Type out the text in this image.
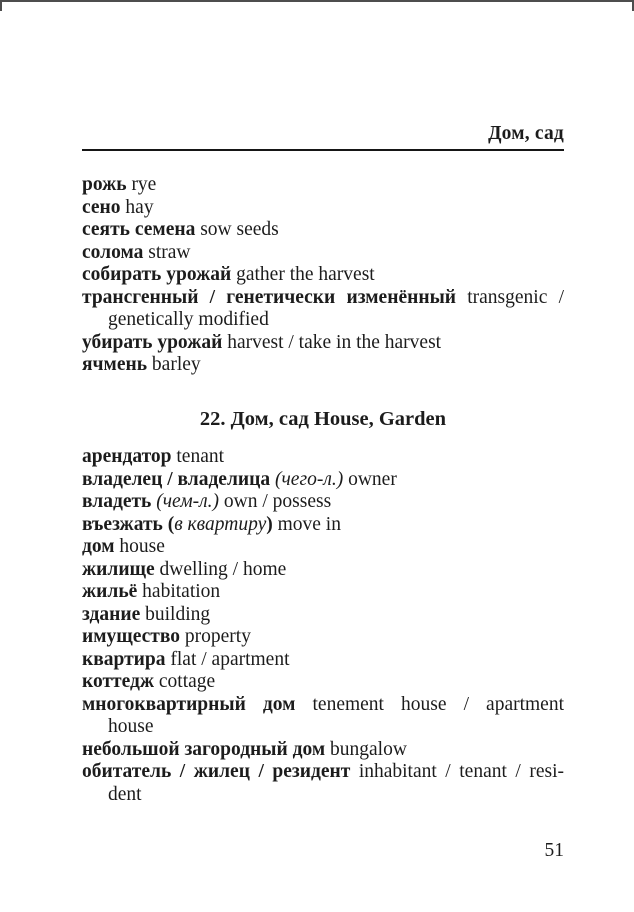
Дом, сад
рожь rye
сено hay
сеять семена sow seeds
солома straw
собирать урожай gather the harvest
трансгенный / генетически изменённый transgenic /
genetically modified
убирать урожай harvest / take in the harvest
ячмень barley
22. Дом, сад House, Garden
арендатор tenant
владелец / владелица (чего-л.) owner
владеть (чем-л.) own / possess
въезжать (в квартиру) move in
дом house
жилище dwelling / home
жильё habitation
здание building
имущество property
квартира flat / apartment
коттедж cottage
многоквартирный дом tenement house / apartment
house
небольшой загородный дом bungalow
обитатель / жилец / резидент inhabitant / tenant / resi-
dent
51
